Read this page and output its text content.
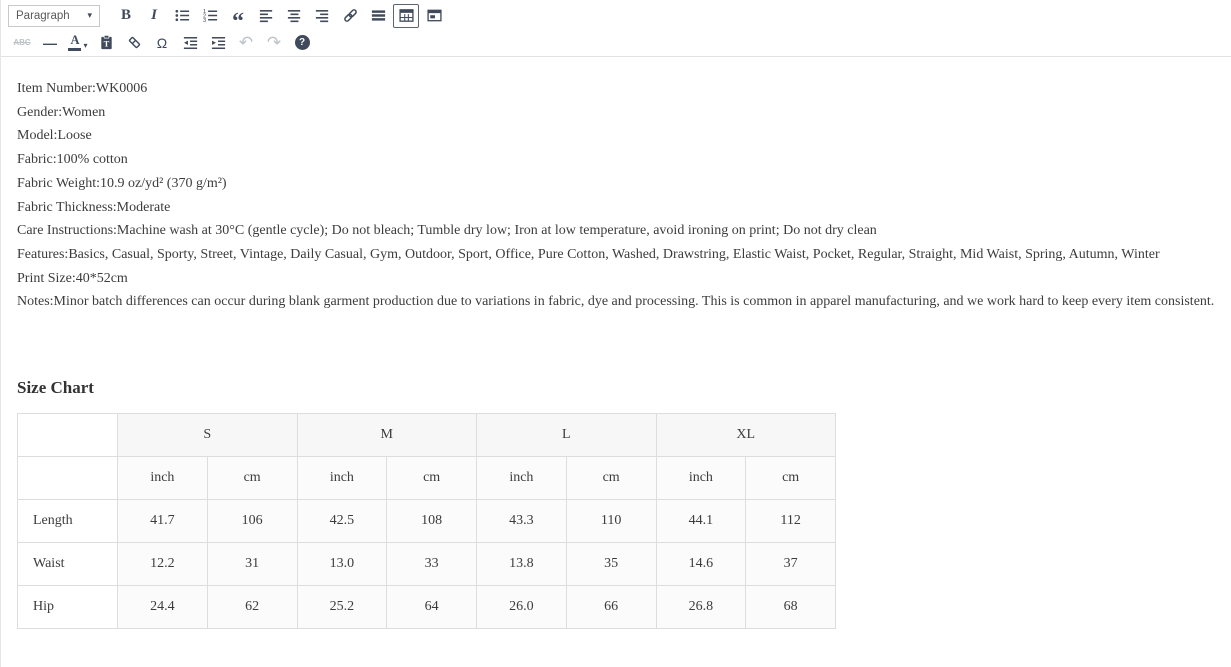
Paragraph ▾ B I	1
2
3 “
ABC — A ▾ T	Ω	↶ ↷	?

Item Number:WK0006

Gender:Women

Model:Loose

Fabric:100% cotton

Fabric Weight:10.9 oz/yd² (370 g/m²)

Fabric Thickness:Moderate

Care Instructions:Machine wash at 30°C (gentle cycle); Do not bleach; Tumble dry low; Iron at low temperature, avoid ironing on print; Do not dry clean

Features:Basics, Casual, Sporty, Street, Vintage, Daily Casual, Gym, Outdoor, Sport, Office, Pure Cotton, Washed, Drawstring, Elastic Waist, Pocket, Regular, Straight, Mid Waist, Spring, Autumn, Winter

Print Size:40*52cm

Notes:Minor batch differences can occur during blank garment production due to variations in fabric, dye and processing. This is common in apparel manufacturing, and we work hard to keep every item consistent.

Size Chart
	S		M		L		XL	
	inch	cm	inch	cm	inch	cm	inch	cm
Length	41.7	106	42.5	108	43.3	110	44.1	112
Waist	12.2	31	13.0	33	13.8	35	14.6	37
Hip	24.4	62	25.2	64	26.0	66	26.8	68
